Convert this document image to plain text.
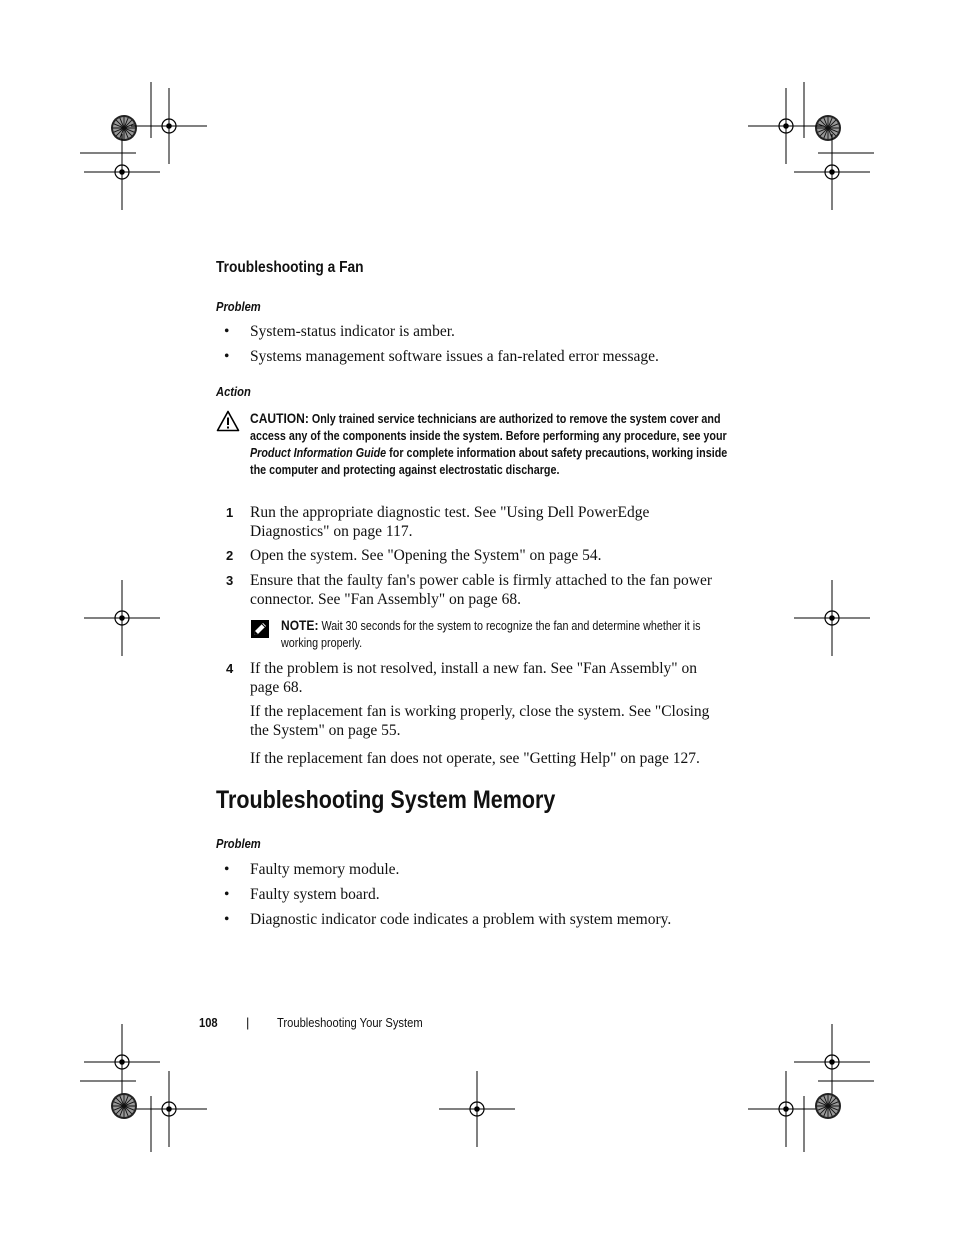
Troubleshooting a Fan
Problem
• System-status indicator is amber.
• Systems management software issues a fan-related error message.
Action
CAUTION: Only trained service technicians are authorized to remove the system cover and access any of the components inside the system. Before performing any procedure, see your Product Information Guide for complete information about safety precautions, working inside the computer and protecting against electrostatic discharge.
1 Run the appropriate diagnostic test. See "Using Dell PowerEdge Diagnostics" on page 117.
2 Open the system. See "Opening the System" on page 54.
3 Ensure that the faulty fan's power cable is firmly attached to the fan power connector. See "Fan Assembly" on page 68.
NOTE: Wait 30 seconds for the system to recognize the fan and determine whether it is working properly.
4 If the problem is not resolved, install a new fan. See "Fan Assembly" on page 68.
If the replacement fan is working properly, close the system. See "Closing the System" on page 55.
If the replacement fan does not operate, see "Getting Help" on page 127.
Troubleshooting System Memory
Problem
• Faulty memory module.
• Faulty system board.
• Diagnostic indicator code indicates a problem with system memory.
108 | Troubleshooting Your System
